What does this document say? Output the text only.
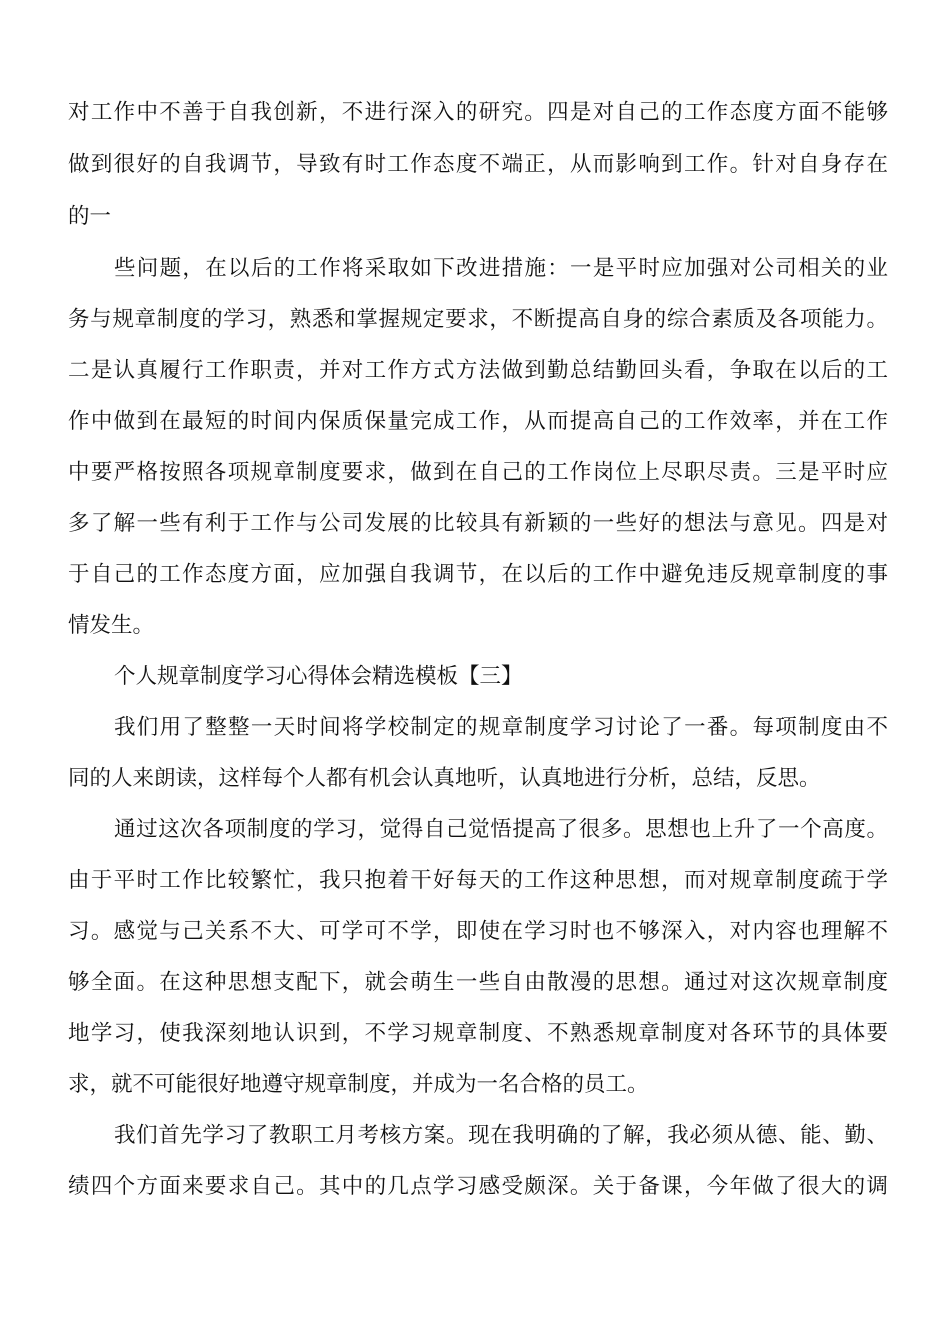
对工作中不善于自我创新，不进行深入的研究。四是对自己的工作态度方面不能够
做到很好的自我调节，导致有时工作态度不端正，从而影响到工作。针对自身存在
的一
些问题，在以后的工作将采取如下改进措施：一是平时应加强对公司相关的业
务与规章制度的学习，熟悉和掌握规定要求，不断提高自身的综合素质及各项能力。
二是认真履行工作职责，并对工作方式方法做到勤总结勤回头看，争取在以后的工
作中做到在最短的时间内保质保量完成工作，从而提高自己的工作效率，并在工作
中要严格按照各项规章制度要求，做到在自己的工作岗位上尽职尽责。三是平时应
多了解一些有利于工作与公司发展的比较具有新颖的一些好的想法与意见。四是对
于自己的工作态度方面，应加强自我调节，在以后的工作中避免违反规章制度的事
情发生。
个人规章制度学习心得体会精选模板【三】
我们用了整整一天时间将学校制定的规章制度学习讨论了一番。每项制度由不
同的人来朗读，这样每个人都有机会认真地听，认真地进行分析，总结，反思。
通过这次各项制度的学习，觉得自己觉悟提高了很多。思想也上升了一个高度。
由于平时工作比较繁忙，我只抱着干好每天的工作这种思想，而对规章制度疏于学
习。感觉与己关系不大、可学可不学，即使在学习时也不够深入，对内容也理解不
够全面。在这种思想支配下，就会萌生一些自由散漫的思想。通过对这次规章制度
地学习，使我深刻地认识到，不学习规章制度、不熟悉规章制度对各环节的具体要
求，就不可能很好地遵守规章制度，并成为一名合格的员工。
我们首先学习了教职工月考核方案。现在我明确的了解，我必须从德、能、勤、
绩四个方面来要求自己。其中的几点学习感受颇深。关于备课，今年做了很大的调
